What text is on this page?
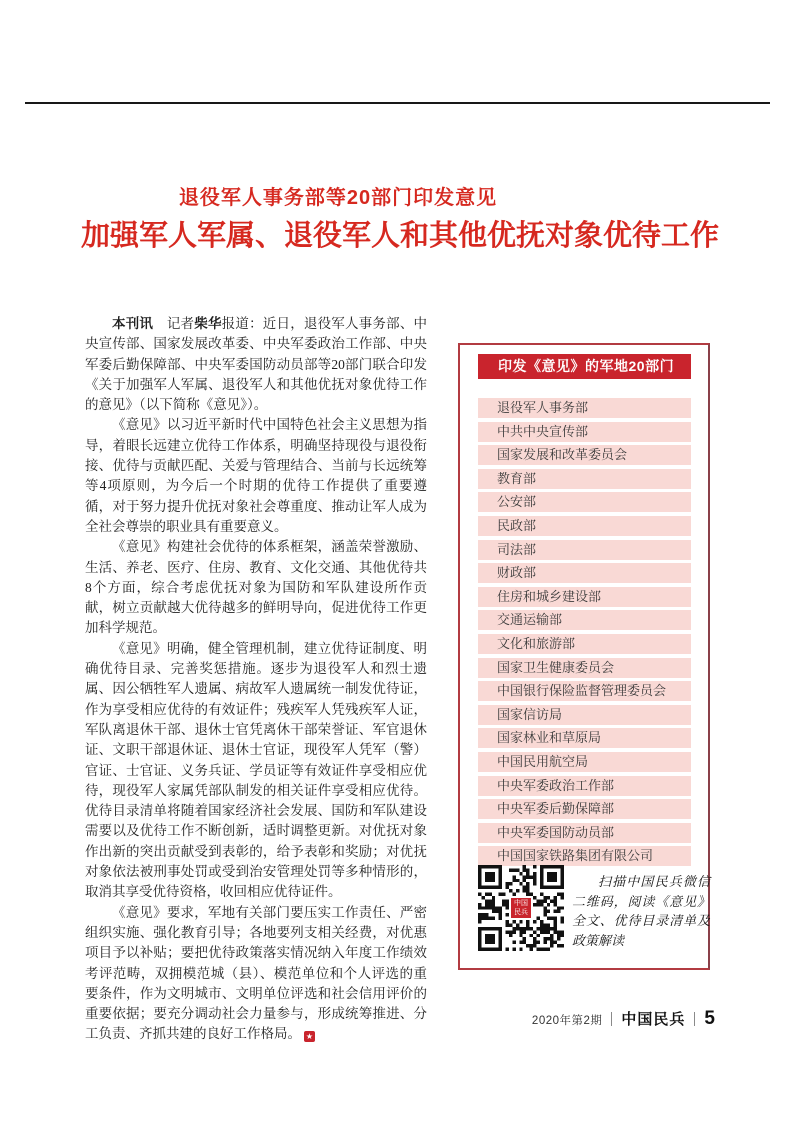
退役军人事务部等20部门印发意见
加强军人军属、退役军人和其他优抚对象优待工作

本刊讯　记者柴华报道：近日，退役军人事务部、中央宣传部、国家发展改革委、中央军委政治工作部、中央军委后勤保障部、中央军委国防动员部等20部门联合印发《关于加强军人军属、退役军人和其他优抚对象优待工作的意见》（以下简称《意见》）。

《意见》以习近平新时代中国特色社会主义思想为指导，着眼长远建立优待工作体系，明确坚持现役与退役衔接、优待与贡献匹配、关爱与管理结合、当前与长远统筹等4项原则，为今后一个时期的优待工作提供了重要遵循，对于努力提升优抚对象社会尊重度、推动让军人成为全社会尊崇的职业具有重要意义。

《意见》构建社会优待的体系框架，涵盖荣誉激励、生活、养老、医疗、住房、教育、文化交通、其他优待共8个方面，综合考虑优抚对象为国防和军队建设所作贡献，树立贡献越大优待越多的鲜明导向，促进优待工作更加科学规范。

《意见》明确，健全管理机制，建立优待证制度、明确优待目录、完善奖惩措施。逐步为退役军人和烈士遗属、因公牺牲军人遗属、病故军人遗属统一制发优待证，作为享受相应优待的有效证件；残疾军人凭残疾军人证，军队离退休干部、退休士官凭离休干部荣誉证、军官退休证、文职干部退休证、退休士官证，现役军人凭军（警）官证、士官证、义务兵证、学员证等有效证件享受相应优待，现役军人家属凭部队制发的相关证件享受相应优待。优待目录清单将随着国家经济社会发展、国防和军队建设需要以及优待工作不断创新，适时调整更新。对优抚对象作出新的突出贡献受到表彰的，给予表彰和奖励；对优抚对象依法被刑事处罚或受到治安管理处罚等多种情形的，取消其享受优待资格，收回相应优待证件。

《意见》要求，军地有关部门要压实工作责任、严密组织实施、强化教育引导；各地要列支相关经费，对优惠项目予以补贴；要把优待政策落实情况纳入年度工作绩效考评范畴，双拥模范城（县）、模范单位和个人评选的重要条件，作为文明城市、文明单位评选和社会信用评价的重要依据；要充分调动社会力量参与，形成统筹推进、分工负责、齐抓共建的良好工作格局。 ★

印发《意见》的军地20部门
退役军人事务部
中共中央宣传部
国家发展和改革委员会
教育部
公安部
民政部
司法部
财政部
住房和城乡建设部
交通运输部
文化和旅游部
国家卫生健康委员会
中国银行保险监督管理委员会
国家信访局
国家林业和草原局
中国民用航空局
中央军委政治工作部
中央军委后勤保障部
中央军委国防动员部
中国国家铁路集团有限公司
中国民兵
扫描中国民兵微信二维码，阅读《意见》全文、优待目录清单及政策解读
2020年第2期 中国民兵 5
